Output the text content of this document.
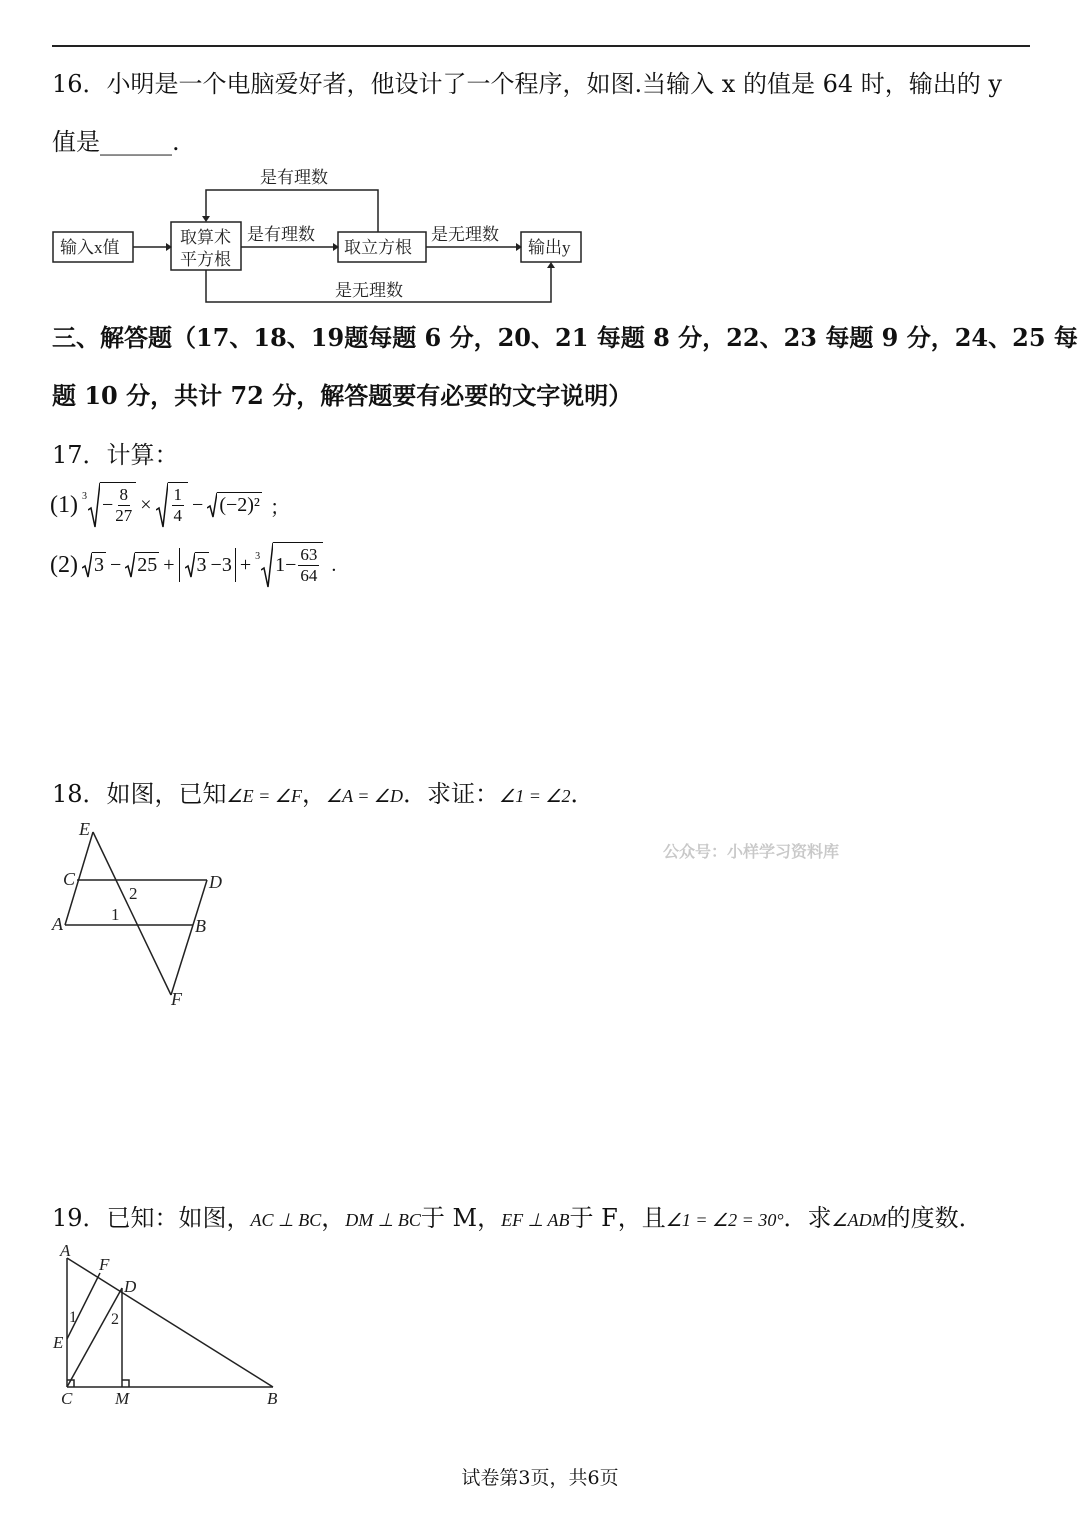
16．小明是一个电脑爱好者，他设计了一个程序，如图.当输入 x 的值是 64 时，输出的 y
值是______.
输入x值
取算术
平方根
取立方根	输出y
是有理数
是有理数	是无理数
是无理数
三、解答题（17、18、19题每题 6 分，20、21 每题 8 分，22、23 每题 9 分，24、25 每
题 10 分，共计 72 分，解答题要有必要的文字说明）
17．计算：
(1) $3 - \frac{8}{27} \times \frac{1}{4} - (-2)^2$ ；
(2) 3 − 25 + 3 −3 + 3 $1 - \frac{63}{64}$ .
18．如图，已知 ∠E = ∠F ， ∠A = ∠D ．求证： ∠1 = ∠2 ．
E
C	D
A	B
F
2
1
公众号：小样学习资料库
19．已知：如图， AC ⊥ BC ， DM ⊥ BC 于 M， EF ⊥ AB 于 F，且 ∠1 = ∠2 = 30° ．求 ∠ADM 的度数．
A
F
D
E
C	M	B
1 2
试卷第3页，共6页
